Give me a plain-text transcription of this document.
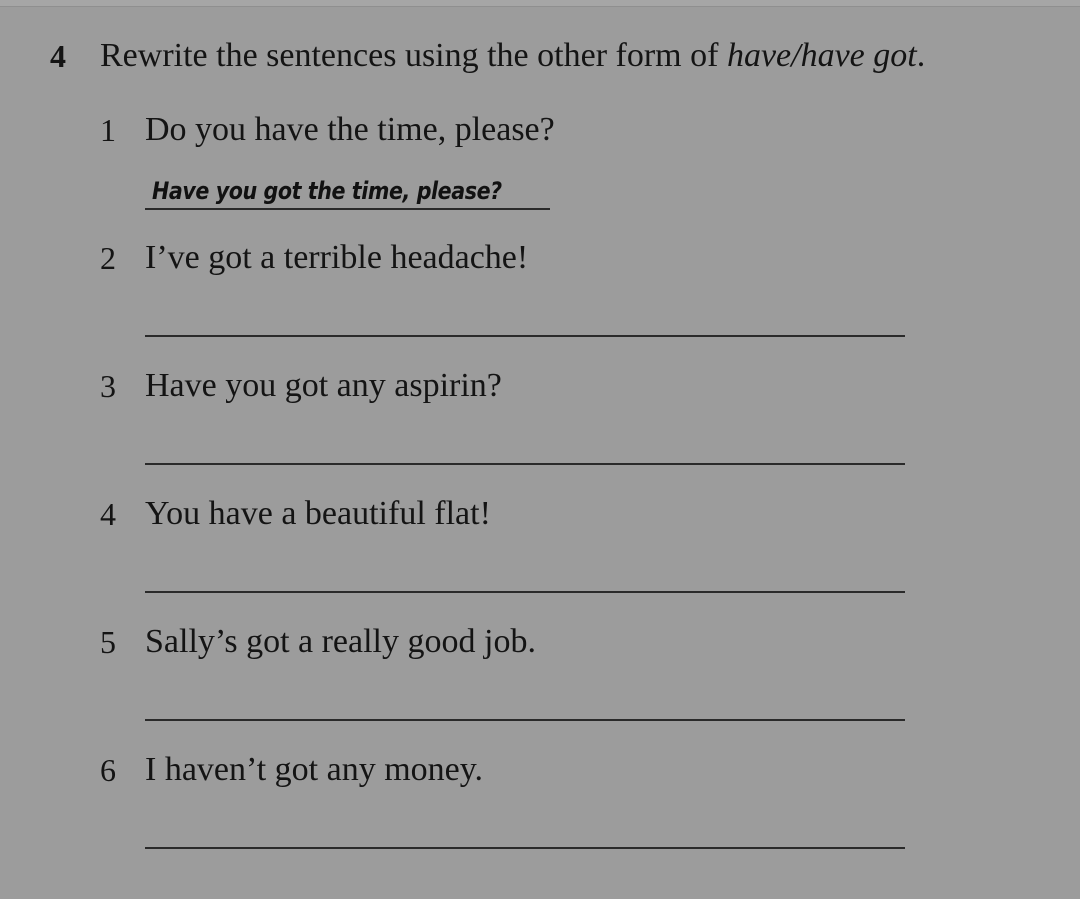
4 Rewrite the sentences using the other form of have/have got.
1 Do you have the time, please?
Have you got the time, please?
2 I’ve got a terrible headache!
3 Have you got any aspirin?
4 You have a beautiful flat!
5 Sally’s got a really good job.
6 I haven’t got any money.
